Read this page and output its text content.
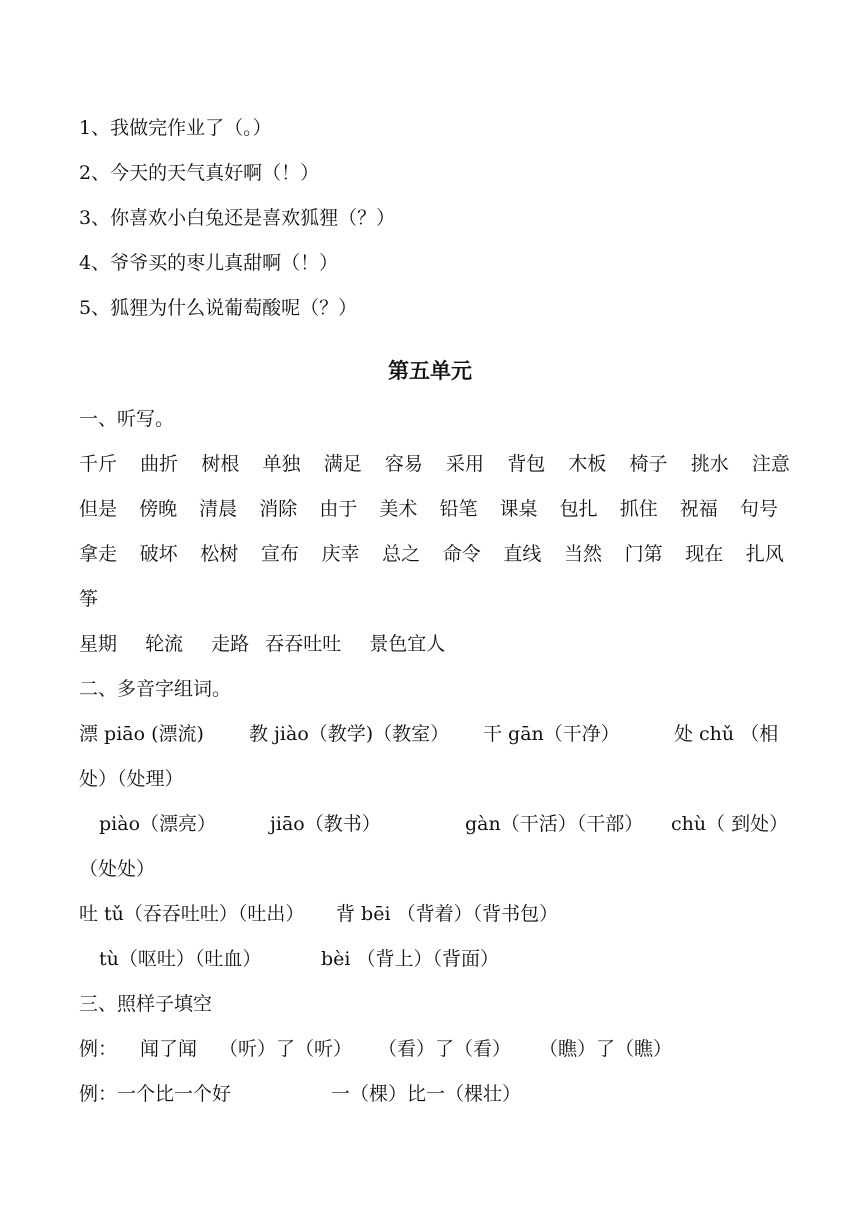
1、我做完作业了（。）
2、今天的天气真好啊（！）
3、你喜欢小白兔还是喜欢狐狸（？）
4、爷爷买的枣儿真甜啊（！）
5、狐狸为什么说葡萄酸呢（？）
第五单元
一、听写。
千斤 曲折 树根 单独 满足 容易 采用 背包 木板 椅子 挑水 注意
但是 傍晚 清晨 消除 由于 美术 铅笔 课桌 包扎 抓住 祝福 句号
拿走 破坏 松树 宣布 庆幸 总之 命令 直线 当然 门第 现在 扎风
筝
星期 轮流 走路 吞吞吐吐 景色宜人
二、多音字组词。
漂 piāo (漂流) 教 jiào（教学)（教室） 干 gān（干净）	处 chǔ （相
处）（处理）
piào（漂亮）	jiāo（教书）	gàn（干活）（干部） chù（ 到处）
（处处）
吐 tǔ（吞吞吐吐）（吐出） 背 bēi （背着）（背书包）
tù（呕吐）（吐血）	bèi （背上）（背面）
三、照样子填空
例： 闻了闻 （听）了（听） （看）了（看） （瞧）了（瞧）
例：一个比一个好	一（棵）比一（棵壮）
